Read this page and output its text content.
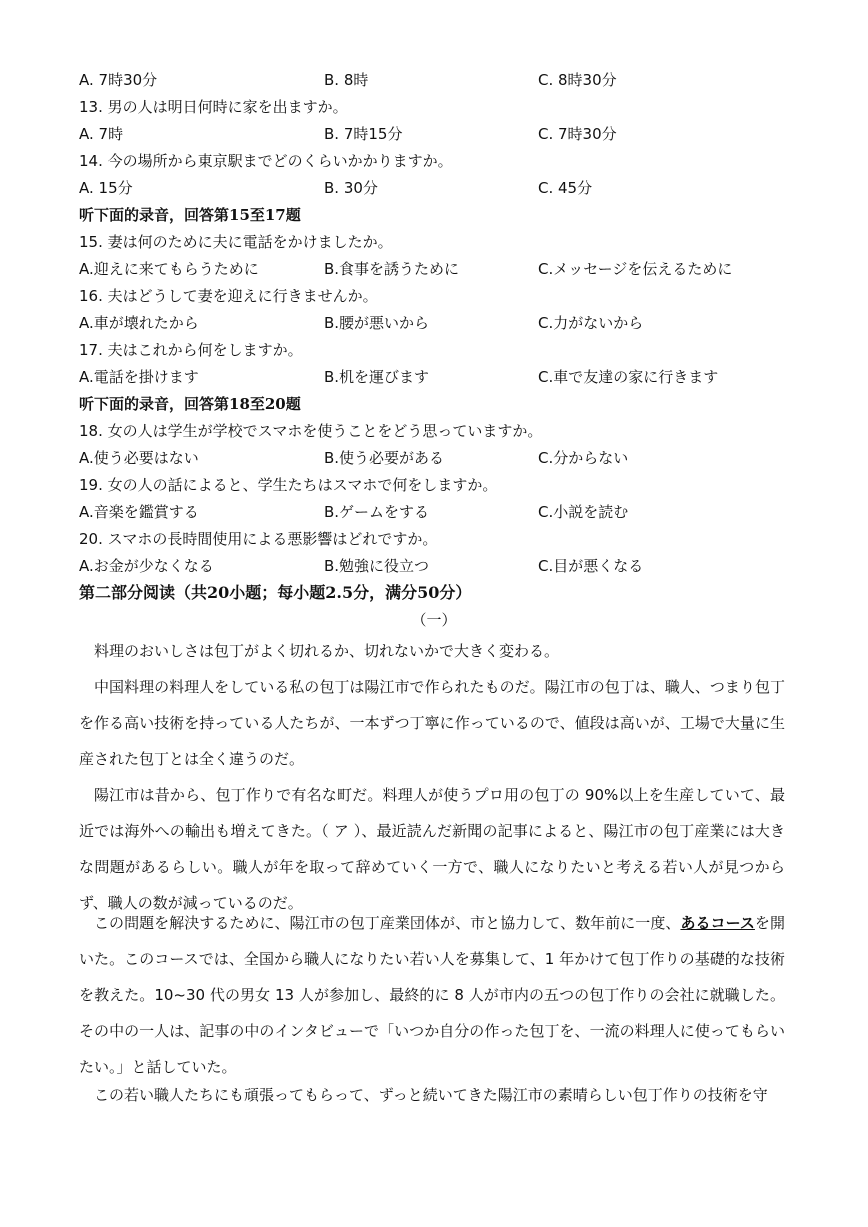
A. 7時30分	B. 8時	C. 8時30分
13. 男の人は明日何時に家を出ますか。
A. 7時	B. 7時15分	C. 7時30分
14. 今の場所から東京駅までどのくらいかかりますか。
A. 15分	B. 30分	C. 45分
听下面的录音，回答第15至17题
15. 妻は何のために夫に電話をかけましたか。
A.迎えに来てもらうために	B.食事を誘うために	C.メッセージを伝えるために
16. 夫はどうして妻を迎えに行きませんか。
A.車が壊れたから	B.腰が悪いから	C.力がないから
17. 夫はこれから何をしますか。
A.電話を掛けます	B.机を運びます	C.車で友達の家に行きます
听下面的录音，回答第18至20题
18. 女の人は学生が学校でスマホを使うことをどう思っていますか。
A.使う必要はない	B.使う必要がある	C.分からない
19. 女の人の話によると、学生たちはスマホで何をしますか。
A.音楽を鑑賞する	B.ゲームをする	C.小説を読む
20. スマホの長時間使用による悪影響はどれですか。
A.お金が少なくなる	B.勉強に役立つ	C.目が悪くなる
第二部分阅读（共20小题；每小题2.5分，满分50分）
（一）
料理のおいしさは包丁がよく切れるか、切れないかで大きく変わる。
中国料理の料理人をしている私の包丁は陽江市で作られたものだ。陽江市の包丁は、職人、つまり包丁を作る高い技術を持っている人たちが、一本ずつ丁寧に作っているので、値段は高いが、工場で大量に生産された包丁とは全く違うのだ。
陽江市は昔から、包丁作りで有名な町だ。料理人が使うプロ用の包丁の 90%以上を生産していて、最近では海外への輸出も増えてきた。（ ア ）、最近読んだ新聞の記事によると、陽江市の包丁産業には大きな問題があるらしい。職人が年を取って辞めていく一方で、職人になりたいと考える若い人が見つからず、職人の数が減っているのだ。
この問題を解決するために、陽江市の包丁産業団体が、市と協力して、数年前に一度、あるコースを開いた。このコースでは、全国から職人になりたい若い人を募集して、1 年かけて包丁作りの基礎的な技術を教えた。10~30 代の男女 13 人が参加し、最終的に 8 人が市内の五つの包丁作りの会社に就職した。その中の一人は、記事の中のインタビューで「いつか自分の作った包丁を、一流の料理人に使ってもらいたい。」と話していた。
この若い職人たちにも頑張ってもらって、ずっと続いてきた陽江市の素晴らしい包丁作りの技術を守
